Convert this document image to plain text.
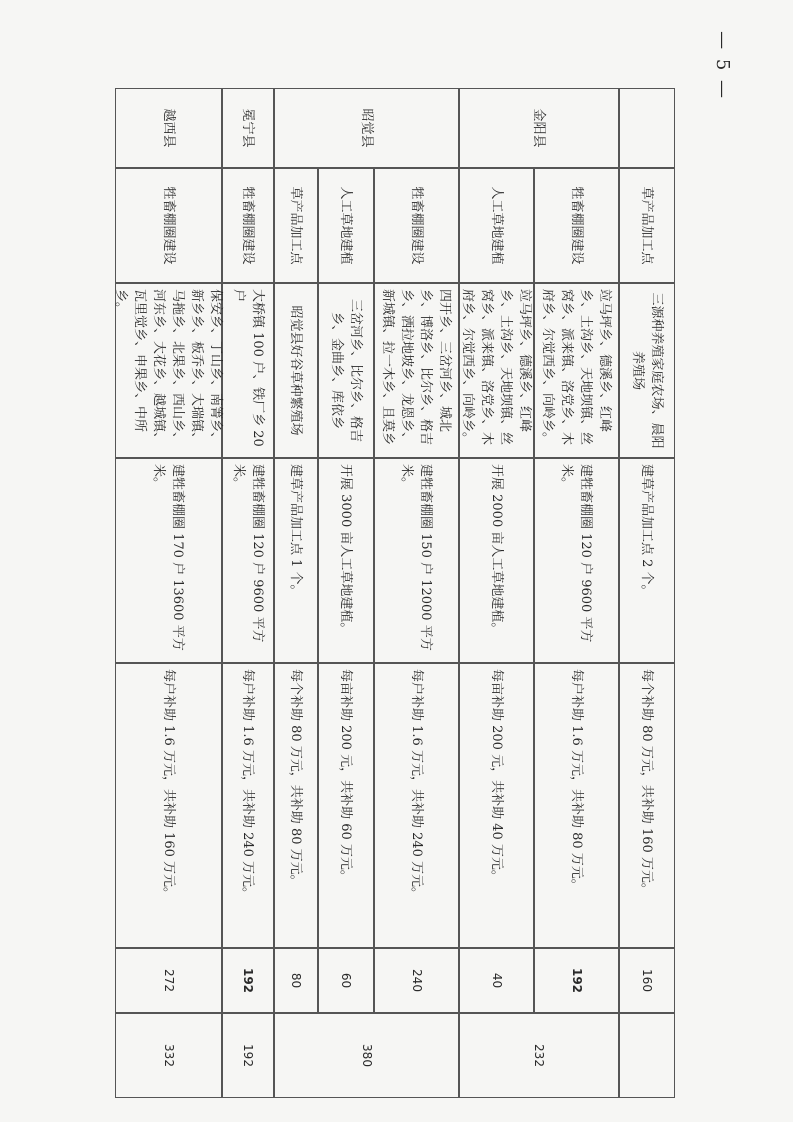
— 5 —
草产品加工点
三源种养殖家庭农场、晨阳养殖场
建草产品加工点 2 个。
每个补助 80 万元，共补助 160 万元。
160
金阳县
牲畜棚圈建设
竝马坪乡、德溪乡、红峰乡、土沟乡、天地坝镇、丝窝乡、派来镇、洛党乡、木府乡、尔觉西乡、向岭乡。
建牲畜棚圈 120 户 9600 平方米。
每户补助 1.6 万元，共补助 80 万元。
192
人工草地建植
竝马坪乡、德溪乡、红峰乡、土沟乡、天地坝镇、丝窝乡、派来镇、洛党乡、木府乡、尔觉西乡、向岭乡。
开展 2000 亩人工草地建植。
每亩补助 200 元，共补助 40 万元。
40
232
昭觉县
牲畜棚圈建设
四开乡、三岔河乡、城北乡、博洛乡、比尔乡、格吉乡、洒拉地坡乡、龙恩乡、新城镇、拉一木乡、且莫乡
建牲畜棚圈 150 户 12000 平方米。
每户补助 1.6 万元，共补助 240 万元。
240
人工草地建植
三岔河乡、比尔乡、格吉乡、金曲乡、库依乡
开展 3000 亩人工草地建植。
每亩补助 200 元，共补助 60 万元。
60
草产品加工点
昭觉县好谷草种繁殖场
建草产品加工点 1 个。
每个补助 80 万元，共补助 80 万元。
80
380
冕宁县
牲畜棚圈建设
大桥镇 100 户、铁厂乡 20 户
建牲畜棚圈 120 户 9600 平方米。
每户补助 1.6 万元，共补助 240 万元。
192
192
越西县
牲畜棚圈建设
保安乡、丁山乡、南箐乡、新乡乡、板乔乡、大瑞镇、马拖乡、北果乡、西山乡、河东乡、大花乡、越城镇、瓦里觉乡、申果乡、中所乡。
建牲畜棚圈 170 户 13600 平方米。
每户补助 1.6 万元，共补助 160 万元。
272
332
